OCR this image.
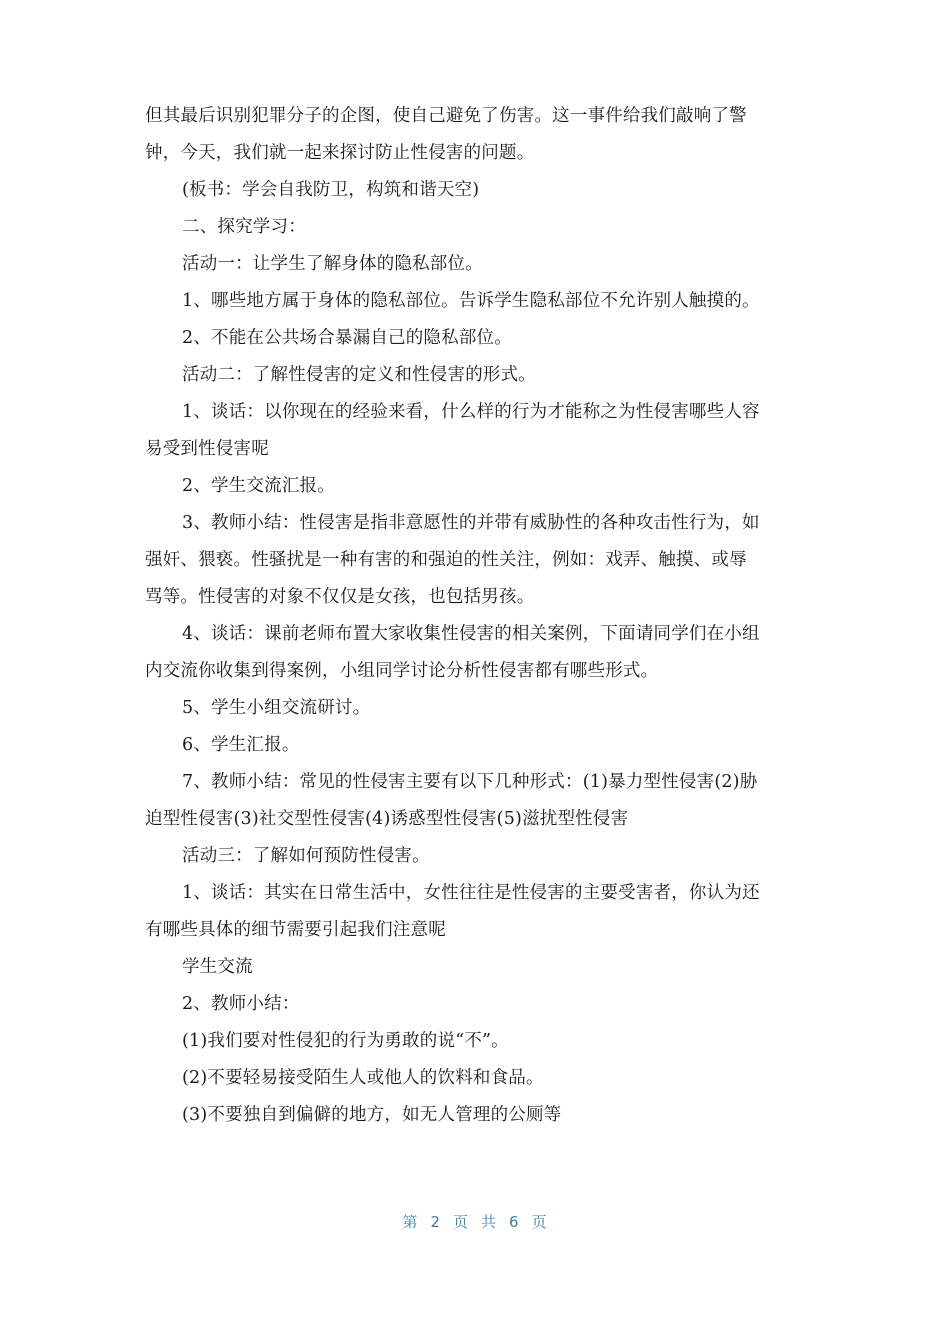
但其最后识别犯罪分子的企图，使自己避免了伤害。这一事件给我们敲响了警
钟，今天，我们就一起来探讨防止性侵害的问题。
(板书：学会自我防卫，构筑和谐天空)
二、探究学习：
活动一：让学生了解身体的隐私部位。
1、哪些地方属于身体的隐私部位。告诉学生隐私部位不允许别人触摸的。
2、不能在公共场合暴漏自己的隐私部位。
活动二：了解性侵害的定义和性侵害的形式。
1、谈话：以你现在的经验来看，什么样的行为才能称之为性侵害哪些人容
易受到性侵害呢
2、学生交流汇报。
3、教师小结：性侵害是指非意愿性的并带有威胁性的各种攻击性行为，如
强奸、猥亵。性骚扰是一种有害的和强迫的性关注，例如：戏弄、触摸、或辱
骂等。性侵害的对象不仅仅是女孩，也包括男孩。
4、谈话：课前老师布置大家收集性侵害的相关案例，下面请同学们在小组
内交流你收集到得案例，小组同学讨论分析性侵害都有哪些形式。
5、学生小组交流研讨。
6、学生汇报。
7、教师小结：常见的性侵害主要有以下几种形式：(1)暴力型性侵害(2)胁
迫型性侵害(3)社交型性侵害(4)诱惑型性侵害(5)滋扰型性侵害
活动三：了解如何预防性侵害。
1、谈话：其实在日常生活中，女性往往是性侵害的主要受害者，你认为还
有哪些具体的细节需要引起我们注意呢
学生交流
2、教师小结：
(1)我们要对性侵犯的行为勇敢的说“不”。
(2)不要轻易接受陌生人或他人的饮料和食品。
(3)不要独自到偏僻的地方，如无人管理的公厕等
第 2 页 共 6 页
